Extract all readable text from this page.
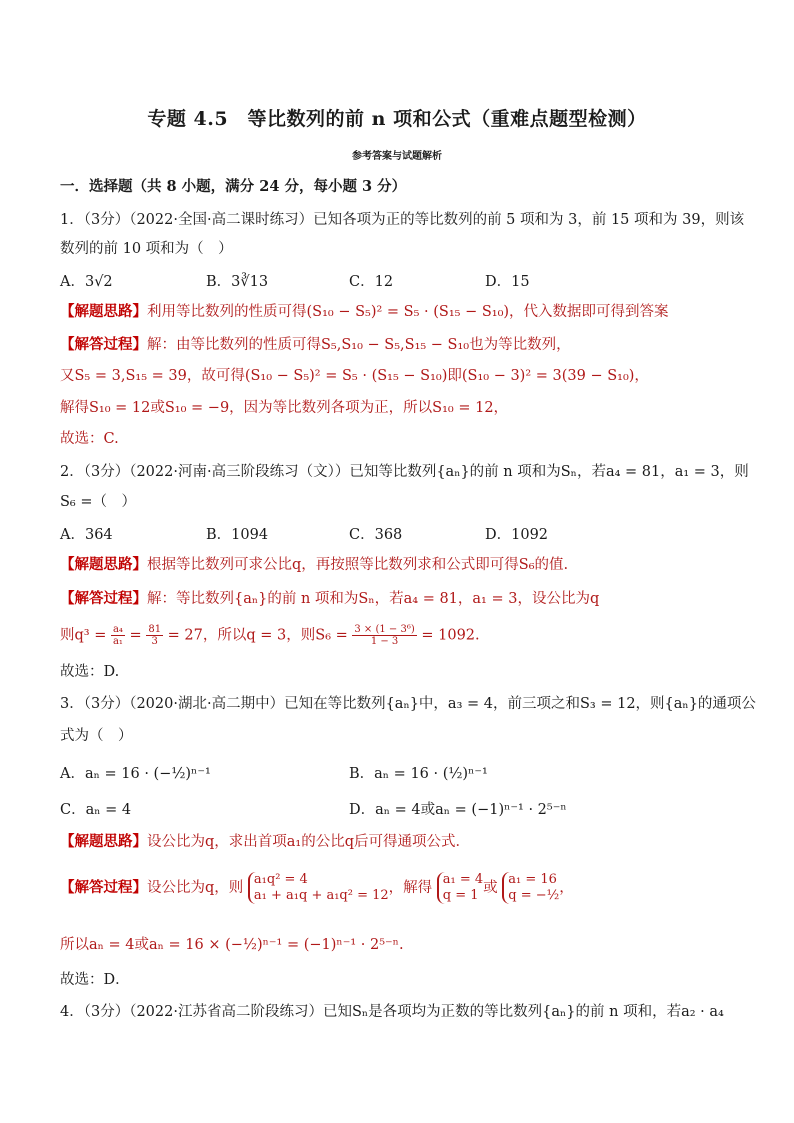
专题 4.5　等比数列的前 n 项和公式（重难点题型检测）
参考答案与试题解析
一．选择题（共 8 小题，满分 24 分，每小题 3 分）
1．（3分）（2022·全国·高二课时练习）已知各项为正的等比数列的前 5 项和为 3，前 15 项和为 39，则该
数列的前 10 项和为（　）
A．3√2	B．3∛13	C．12	D．15
【解题思路】利用等比数列的性质可得(S₁₀ − S₅)² = S₅ · (S₁₅ − S₁₀)，代入数据即可得到答案
【解答过程】解：由等比数列的性质可得S₅,S₁₀ − S₅,S₁₅ − S₁₀也为等比数列，
又S₅ = 3,S₁₅ = 39，故可得(S₁₀ − S₅)² = S₅ · (S₁₅ − S₁₀)即(S₁₀ − 3)² = 3(39 − S₁₀)，
解得S₁₀ = 12或S₁₀ = −9，因为等比数列各项为正，所以S₁₀ = 12，
故选：C.
2．（3分）（2022·河南·高三阶段练习（文））已知等比数列{aₙ}的前 n 项和为Sₙ，若a₄ = 81，a₁ = 3，则
S₆ =（　）
A．364	B．1094	C．368	D．1092
【解题思路】根据等比数列可求公比q，再按照等比数列求和公式即可得S₆的值.
【解答过程】解：等比数列{aₙ}的前 n 项和为Sₙ，若a₄ = 81，a₁ = 3，设公比为q
则$q^3 = \frac{\text{a₄}}{\text{a₁}} = \frac{81}{3} = 27$，所以q = 3，则$S_6 = \frac{\text{3 × (1 − 3⁶)}}{1 - 3} = 1092$.
故选：D.
3．（3分）（2020·湖北·高二期中）已知在等比数列{aₙ}中，a₃ = 4，前三项之和S₃ = 12，则{aₙ}的通项公
式为（　）
A．aₙ = 16 · (−½)ⁿ⁻¹	B．aₙ = 16 · (½)ⁿ⁻¹
C．aₙ = 4	D．aₙ = 4或aₙ = (−1)ⁿ⁻¹ · 2⁵⁻ⁿ
【解题思路】设公比为q，求出首项a₁的公比q后可得通项公式．
【解答过程】设公比为q，则
a₁q² = 4
a₁ + a₁q + a₁q² = 12 ，解得
a₁ = 4
q = 1 或
a₁ = 16
q = −½ ，
所以aₙ = 4或aₙ = 16 × (−½)ⁿ⁻¹ = (−1)ⁿ⁻¹ · 2⁵⁻ⁿ.
故选：D．
4．（3分）（2022·江苏省高二阶段练习）已知Sₙ是各项均为正数的等比数列{aₙ}的前 n 项和，若a₂ · a₄
